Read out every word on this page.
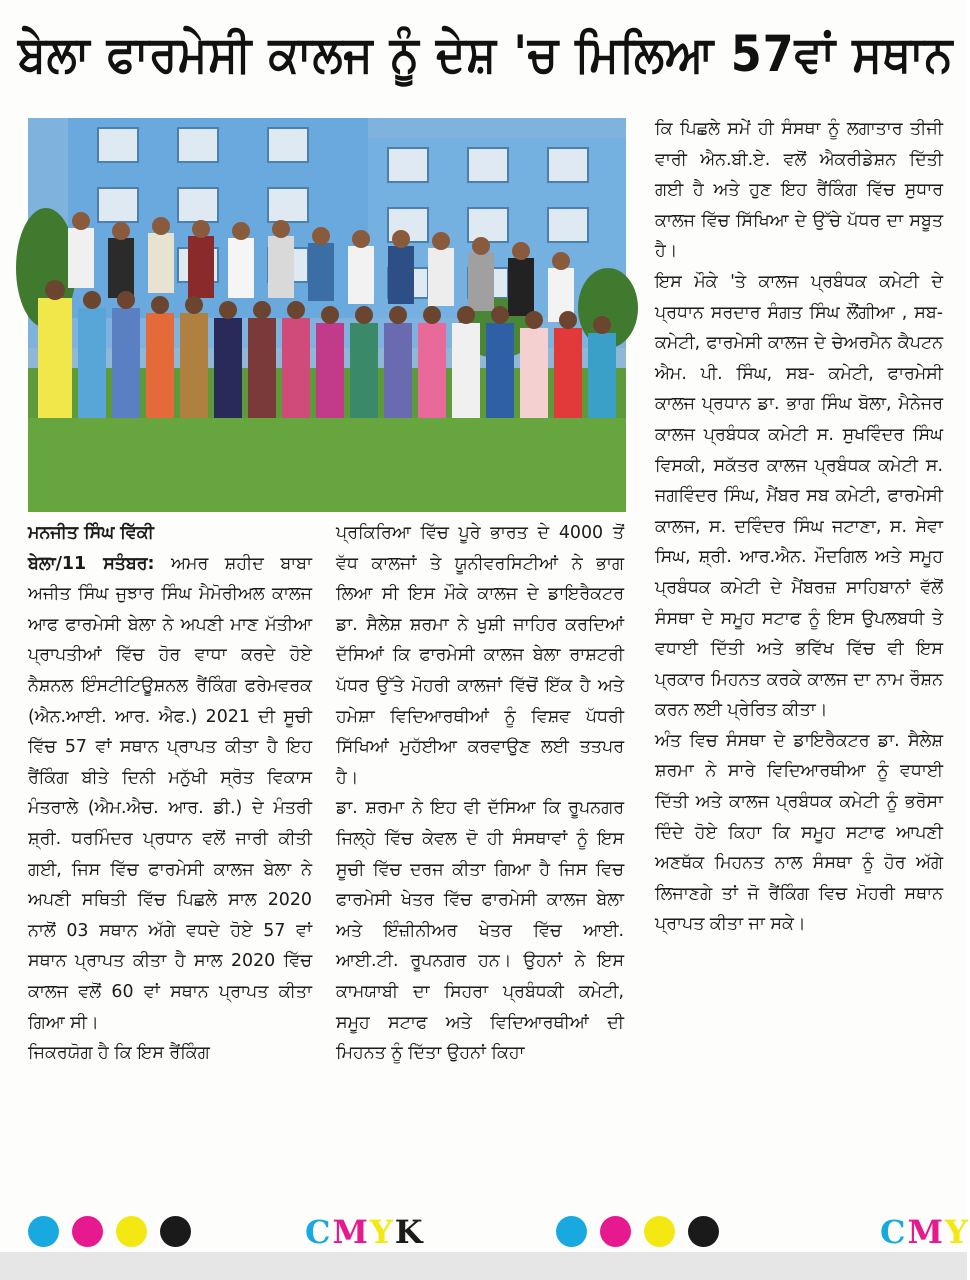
ਬੇਲਾ ਫਾਰਮੇਸੀ ਕਾਲਜ ਨੂੰ ਦੇਸ਼ 'ਚ ਮਿਲਿਆ 57ਵਾਂ ਸਥਾਨ

ਮਨਜੀਤ ਸਿੰਘ ਵਿੱਕੀ

ਬੇਲਾ/11 ਸਤੰਬਰ: ਅਮਰ ਸ਼ਹੀਦ ਬਾਬਾ ਅਜੀਤ ਸਿੰਘ ਜੁਝਾਰ ਸਿੰਘ ਮੈਮੋਰੀਅਲ ਕਾਲਜ ਆਫ ਫਾਰਮੇਸੀ ਬੇਲਾ ਨੇ ਅਪਣੀ ਮਾਣ ਮੱਤੀਆ ਪ੍ਰਾਪਤੀਆਂ ਵਿੱਚ ਹੋਰ ਵਾਧਾ ਕਰਦੇ ਹੋਏ ਨੈਸ਼ਨਲ ਇੰਸਟੀਟਿਊਸ਼ਨਲ ਰੈਂਕਿੰਗ ਫਰੇਮਵਰਕ (ਐਨ.ਆਈ. ਆਰ. ਐਫ.) 2021 ਦੀ ਸੂਚੀ ਵਿੱਚ 57 ਵਾਂ ਸਥਾਨ ਪ੍ਰਾਪਤ ਕੀਤਾ ਹੈ ਇਹ ਰੈਂਕਿੰਗ ਬੀਤੇ ਦਿਨੀ ਮਨੁੱਖੀ ਸ੍ਰੋਤ ਵਿਕਾਸ ਮੰਤਰਾਲੇ (ਐਮ.ਐਚ. ਆਰ. ਡੀ.) ਦੇ ਮੰਤਰੀ ਸ਼੍ਰੀ. ਧਰਮਿੰਦਰ ਪ੍ਰਧਾਨ ਵਲੋਂ ਜਾਰੀ ਕੀਤੀ ਗਈ, ਜਿਸ ਵਿੱਚ ਫਾਰਮੇਸੀ ਕਾਲਜ ਬੇਲਾ ਨੇ ਅਪਣੀ ਸਥਿਤੀ ਵਿੱਚ ਪਿਛਲੇ ਸਾਲ 2020 ਨਾਲੋਂ 03 ਸਥਾਨ ਅੱਗੇ ਵਧਦੇ ਹੋਏ 57 ਵਾਂ ਸਥਾਨ ਪ੍ਰਾਪਤ ਕੀਤਾ ਹੈ ਸਾਲ 2020 ਵਿੱਚ ਕਾਲਜ ਵਲੋਂ 60 ਵਾਂ ਸਥਾਨ ਪ੍ਰਾਪਤ ਕੀਤਾ ਗਿਆ ਸੀ।

ਜਿਕਰਯੋਗ ਹੈ ਕਿ ਇਸ ਰੈਂਕਿੰਗ

ਪ੍ਰਕਿਰਿਆ ਵਿੱਚ ਪੂਰੇ ਭਾਰਤ ਦੇ 4000 ਤੋਂ ਵੱਧ ਕਾਲਜਾਂ ਤੇ ਯੂਨੀਵਰਸਿਟੀਆਂ ਨੇ ਭਾਗ ਲਿਆ ਸੀ ਇਸ ਮੌਕੇ ਕਾਲਜ ਦੇ ਡਾਇਰੈਕਟਰ ਡਾ. ਸੈਲੇਸ਼ ਸ਼ਰਮਾ ਨੇ ਖੁਸ਼ੀ ਜਾਹਿਰ ਕਰਦਿਆਂ ਦੱਸਿਆਂ ਕਿ ਫਾਰਮੇਸੀ ਕਾਲਜ ਬੇਲਾ ਰਾਸ਼ਟਰੀ ਪੱਧਰ ਉੱਤੇ ਮੋਹਰੀ ਕਾਲਜਾਂ ਵਿੱਚੋਂ ਇੱਕ ਹੈ ਅਤੇ ਹਮੇਸ਼ਾ ਵਿਦਿਆਰਥੀਆਂ ਨੂੰ ਵਿਸ਼ਵ ਪੱਧਰੀ ਸਿੱਖਿਆਂ ਮੁਹੱਈਆ ਕਰਵਾਉਣ ਲਈ ਤਤਪਰ ਹੈ।

ਡਾ. ਸ਼ਰਮਾ ਨੇ ਇਹ ਵੀ ਦੱਸਿਆ ਕਿ ਰੂਪਨਗਰ ਜਿਲ੍ਹੇ ਵਿੱਚ ਕੇਵਲ ਦੋ ਹੀ ਸੰਸਥਾਵਾਂ ਨੂੰ ਇਸ ਸੂਚੀ ਵਿੱਚ ਦਰਜ ਕੀਤਾ ਗਿਆ ਹੈ ਜਿਸ ਵਿਚ ਫਾਰਮੇਸੀ ਖੇਤਰ ਵਿੱਚ ਫਾਰਮੇਸੀ ਕਾਲਜ ਬੇਲਾ ਅਤੇ ਇੰਜ਼ੀਨੀਅਰ ਖੇਤਰ ਵਿੱਚ ਆਈ. ਆਈ.ਟੀ. ਰੂਪਨਗਰ ਹਨ। ਉਹਨਾਂ ਨੇ ਇਸ ਕਾਮਯਾਬੀ ਦਾ ਸਿਹਰਾ ਪ੍ਰਬੰਧਕੀ ਕਮੇਟੀ, ਸਮੂਹ ਸਟਾਫ ਅਤੇ ਵਿਦਿਆਰਥੀਆਂ ਦੀ ਮਿਹਨਤ ਨੂੰ ਦਿੱਤਾ ਉਹਨਾਂ ਕਿਹਾ

ਕਿ ਪਿਛਲੇ ਸਮੇਂ ਹੀ ਸੰਸਥਾ ਨੂੰ ਲਗਾਤਾਰ ਤੀਜੀ ਵਾਰੀ ਐਨ.ਬੀ.ਏ. ਵਲੋਂ ਐਕਰੀਡੇਸ਼ਨ ਦਿੱਤੀ ਗਈ ਹੈ ਅਤੇ ਹੁਣ ਇਹ ਰੈਂਕਿੰਗ ਵਿੱਚ ਸੁਧਾਰ ਕਾਲਜ ਵਿੱਚ ਸਿੱਖਿਆ ਦੇ ਉੱਚੇ ਪੱਧਰ ਦਾ ਸਬੂਤ ਹੈ।

ਇਸ ਮੌਕੇ 'ਤੇ ਕਾਲਜ ਪ੍ਰਬੰਧਕ ਕਮੇਟੀ ਦੇ ਪ੍ਰਧਾਨ ਸਰਦਾਰ ਸੰਗਤ ਸਿੰਘ ਲੌਂਗੀਆ , ਸਬ- ਕਮੇਟੀ, ਫਾਰਮੇਸੀ ਕਾਲਜ ਦੇ ਚੇਅਰਮੈਨ ਕੈਪਟਨ ਐਮ. ਪੀ. ਸਿੰਘ, ਸਬ- ਕਮੇਟੀ, ਫਾਰਮੇਸੀ ਕਾਲਜ ਪ੍ਰਧਾਨ ਡਾ. ਭਾਗ ਸਿੰਘ ਬੋਲਾ, ਮੈਨੇਜਰ ਕਾਲਜ ਪ੍ਰਬੰਧਕ ਕਮੇਟੀ ਸ. ਸੁਖਵਿੰਦਰ ਸਿੰਘ ਵਿਸਕੀ, ਸਕੱਤਰ ਕਾਲਜ ਪ੍ਰਬੰਧਕ ਕਮੇਟੀ ਸ. ਜਗਵਿੰਦਰ ਸਿੰਘ, ਮੈਂਬਰ ਸਬ ਕਮੇਟੀ, ਫਾਰਮੇਸੀ ਕਾਲਜ, ਸ. ਦਵਿੰਦਰ ਸਿੰਘ ਜਟਾਣਾ, ਸ. ਸੇਵਾ ਸਿਘ, ਸ਼੍ਰੀ. ਆਰ.ਐਨ. ਮੌਦਗਿਲ ਅਤੇ ਸਮੂਹ ਪ੍ਰਬੰਧਕ ਕਮੇਟੀ ਦੇ ਮੈਂਬਰਜ਼ ਸਾਹਿਬਾਨਾਂ ਵੱਲੋਂ ਸੰਸਥਾ ਦੇ ਸਮੂਹ ਸਟਾਫ ਨੂੰ ਇਸ ਉਪਲਬਧੀ ਤੇ ਵਧਾਈ ਦਿੱਤੀ ਅਤੇ ਭਵਿੱਖ ਵਿੱਚ ਵੀ ਇਸ ਪ੍ਰਕਾਰ ਮਿਹਨਤ ਕਰਕੇ ਕਾਲਜ ਦਾ ਨਾਮ ਰੌਸ਼ਨ ਕਰਨ ਲਈ ਪ੍ਰੇਰਿਤ ਕੀਤਾ।

ਅੰਤ ਵਿਚ ਸੰਸਥਾ ਦੇ ਡਾਇਰੈਕਟਰ ਡਾ. ਸੈਲੇਸ਼ ਸ਼ਰਮਾ ਨੇ ਸਾਰੇ ਵਿਦਿਆਰਥੀਆ ਨੂੰ ਵਧਾਈ ਦਿੱਤੀ ਅਤੇ ਕਾਲਜ ਪ੍ਰਬੰਧਕ ਕਮੇਟੀ ਨੂੰ ਭਰੋਸਾ ਦਿੰਦੇ ਹੋਏ ਕਿਹਾ ਕਿ ਸਮੂਹ ਸਟਾਫ ਆਪਣੀ ਅਣਥੱਕ ਮਿਹਨਤ ਨਾਲ ਸੰਸਥਾ ਨੂੰ ਹੋਰ ਅੱਗੇ ਲਿਜਾਣਗੇ ਤਾਂ ਜੋ ਰੈਂਕਿੰਗ ਵਿਚ ਮੋਹਰੀ ਸਥਾਨ ਪ੍ਰਾਪਤ ਕੀਤਾ ਜਾ ਸਕੇ।

CMYK	CMY
